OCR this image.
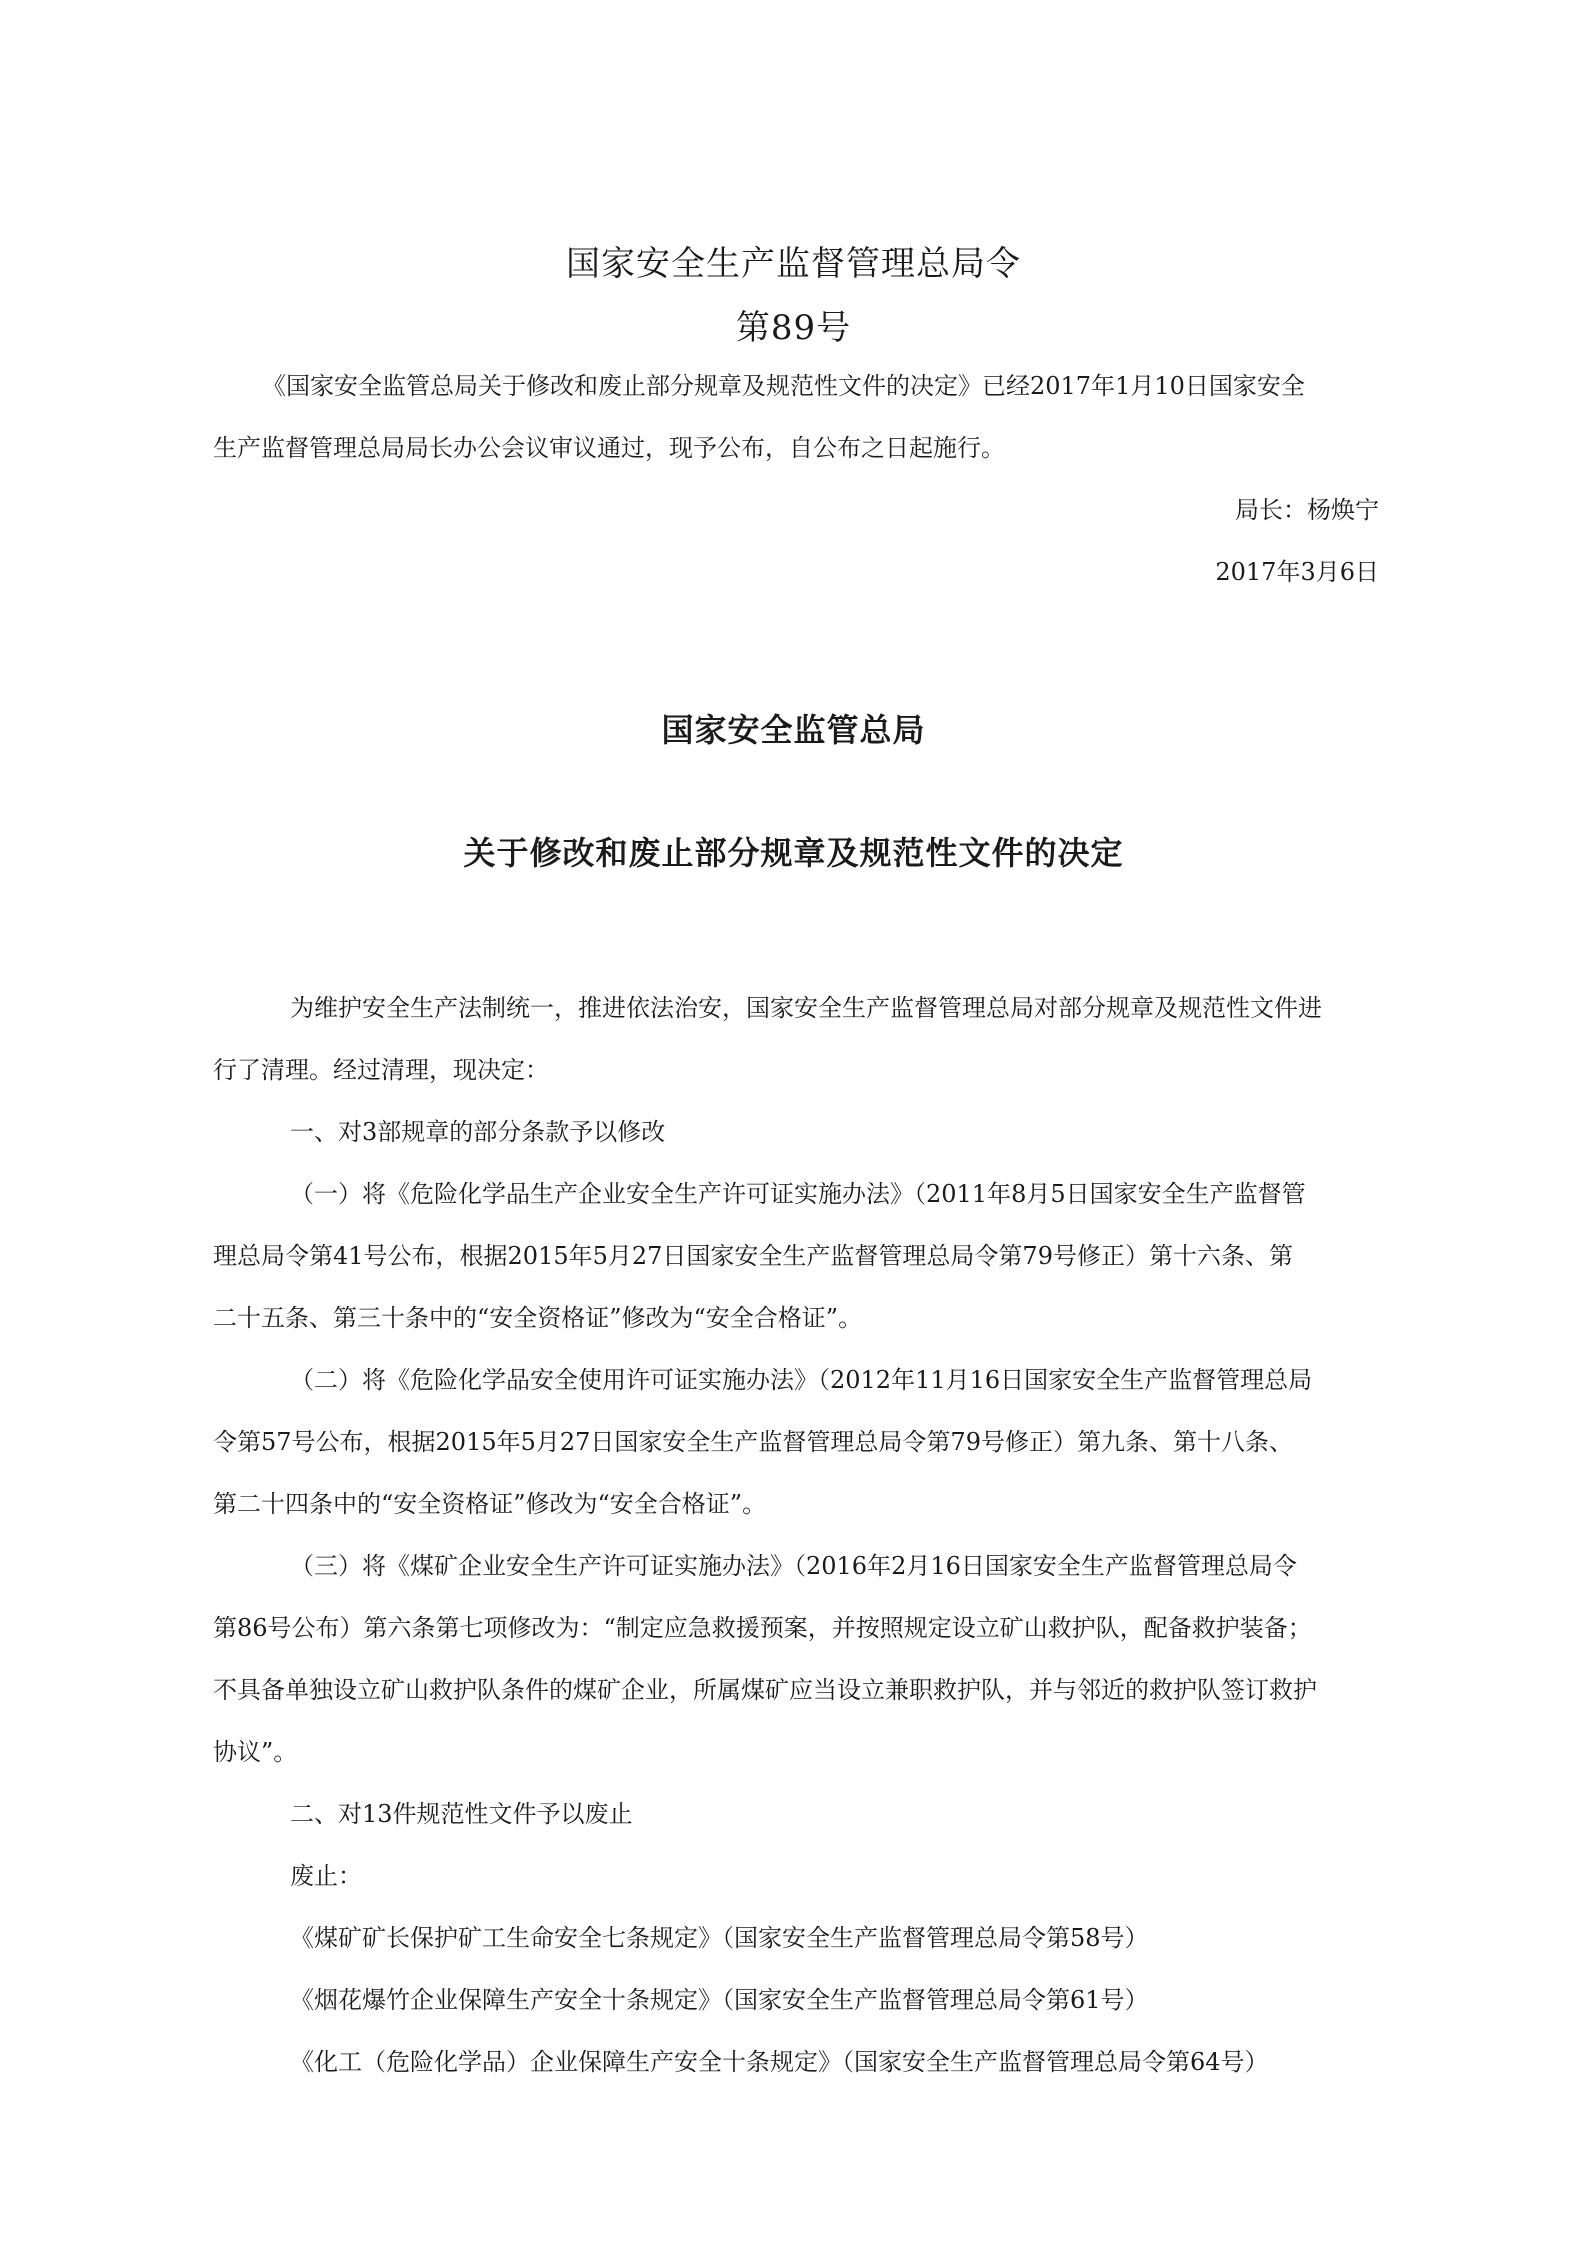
国家安全生产监督管理总局令
第89号
《国家安全监管总局关于修改和废止部分规章及规范性文件的决定》已经2017年1月10日国家安全
生产监督管理总局局长办公会议审议通过，现予公布，自公布之日起施行。
局长：杨焕宁
2017年3月6日
国家安全监管总局
关于修改和废止部分规章及规范性文件的决定
为维护安全生产法制统一，推进依法治安，国家安全生产监督管理总局对部分规章及规范性文件进
行了清理。经过清理，现决定：
一、对3部规章的部分条款予以修改
（一）将《危险化学品生产企业安全生产许可证实施办法》（2011年8月5日国家安全生产监督管
理总局令第41号公布，根据2015年5月27日国家安全生产监督管理总局令第79号修正）第十六条、第
二十五条、第三十条中的“安全资格证”修改为“安全合格证”。
（二）将《危险化学品安全使用许可证实施办法》（2012年11月16日国家安全生产监督管理总局
令第57号公布，根据2015年5月27日国家安全生产监督管理总局令第79号修正）第九条、第十八条、
第二十四条中的“安全资格证”修改为“安全合格证”。
（三）将《煤矿企业安全生产许可证实施办法》（2016年2月16日国家安全生产监督管理总局令
第86号公布）第六条第七项修改为：“制定应急救援预案，并按照规定设立矿山救护队，配备救护装备；
不具备单独设立矿山救护队条件的煤矿企业，所属煤矿应当设立兼职救护队，并与邻近的救护队签订救护
协议”。
二、对13件规范性文件予以废止
废止：
《煤矿矿长保护矿工生命安全七条规定》（国家安全生产监督管理总局令第58号）
《烟花爆竹企业保障生产安全十条规定》（国家安全生产监督管理总局令第61号）
《化工（危险化学品）企业保障生产安全十条规定》（国家安全生产监督管理总局令第64号）
